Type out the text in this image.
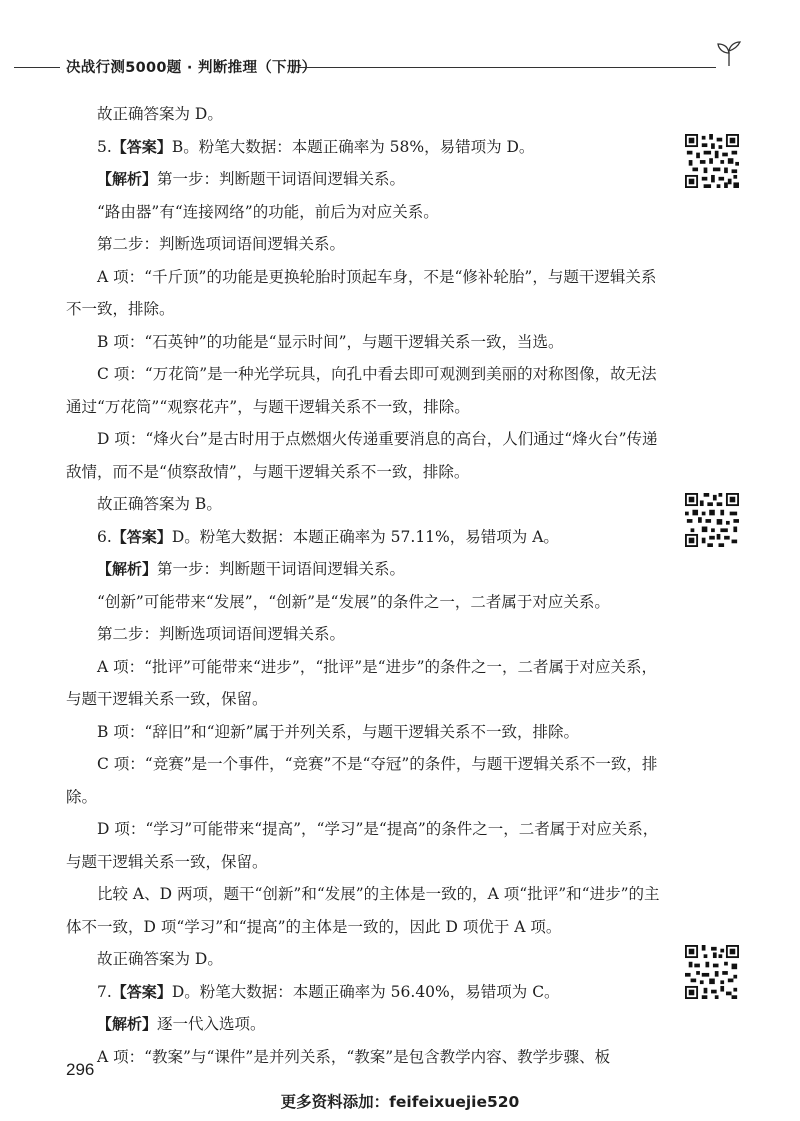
决战行测5000题 · 判断推理（下册）

故正确答案为 D。

5.【答案】B。粉笔大数据：本题正确率为 58%，易错项为 D。

【解析】第一步：判断题干词语间逻辑关系。

“路由器”有“连接网络”的功能，前后为对应关系。

第二步：判断选项词语间逻辑关系。

A 项：“千斤顶”的功能是更换轮胎时顶起车身，不是“修补轮胎”，与题干逻辑关系不一致，排除。

B 项：“石英钟”的功能是“显示时间”，与题干逻辑关系一致，当选。

C 项：“万花筒”是一种光学玩具，向孔中看去即可观测到美丽的对称图像，故无法通过“万花筒”“观察花卉”，与题干逻辑关系不一致，排除。

D 项：“烽火台”是古时用于点燃烟火传递重要消息的高台，人们通过“烽火台”传递敌情，而不是“侦察敌情”，与题干逻辑关系不一致，排除。

故正确答案为 B。

6.【答案】D。粉笔大数据：本题正确率为 57.11%，易错项为 A。

【解析】第一步：判断题干词语间逻辑关系。

“创新”可能带来“发展”，“创新”是“发展”的条件之一，二者属于对应关系。

第二步：判断选项词语间逻辑关系。

A 项：“批评”可能带来“进步”，“批评”是“进步”的条件之一，二者属于对应关系，与题干逻辑关系一致，保留。

B 项：“辞旧”和“迎新”属于并列关系，与题干逻辑关系不一致，排除。

C 项：“竞赛”是一个事件，“竞赛”不是“夺冠”的条件，与题干逻辑关系不一致，排除。

D 项：“学习”可能带来“提高”，“学习”是“提高”的条件之一，二者属于对应关系，与题干逻辑关系一致，保留。

比较 A、D 两项，题干“创新”和“发展”的主体是一致的，A 项“批评”和“进步”的主体不一致，D 项“学习”和“提高”的主体是一致的，因此 D 项优于 A 项。

故正确答案为 D。

7.【答案】D。粉笔大数据：本题正确率为 56.40%，易错项为 C。

【解析】逐一代入选项。

A 项：“教案”与“课件”是并列关系，“教案”是包含教学内容、教学步骤、板

296
更多资料添加：feifeixuejie520
